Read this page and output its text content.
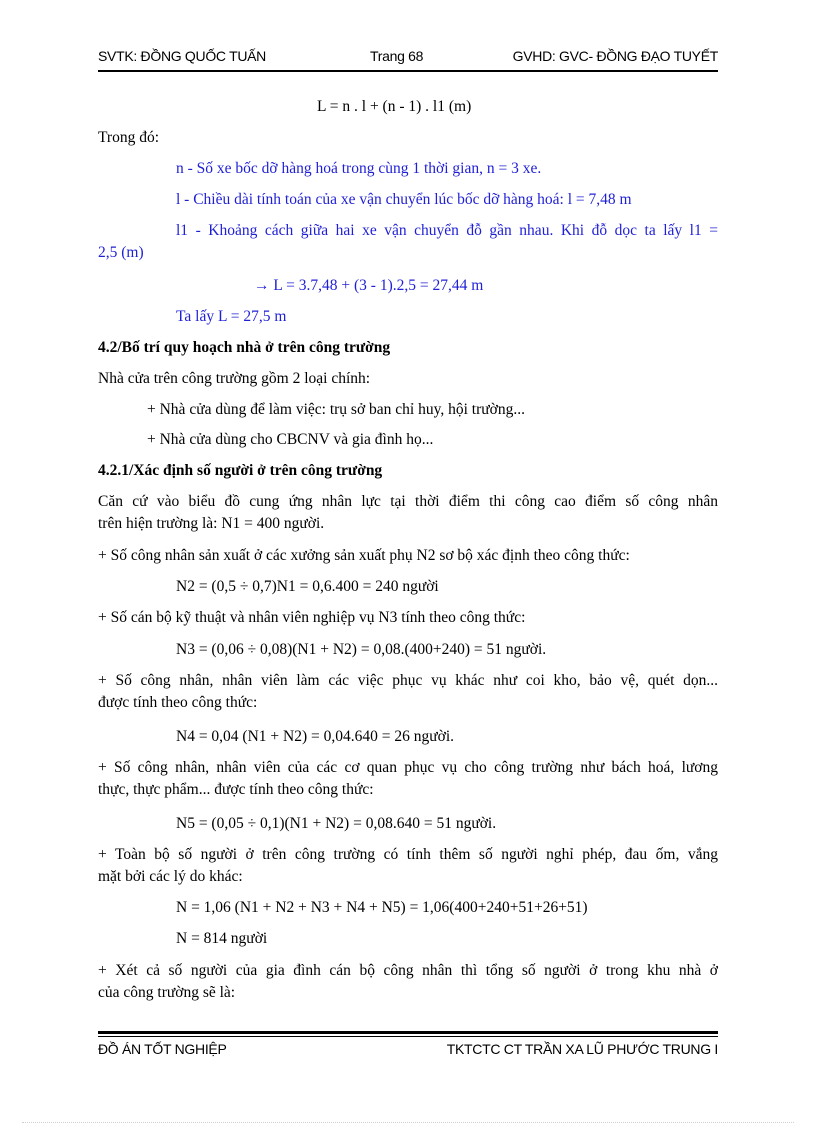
SVTK: ĐỒNG QUỐC TUẤN	Trang 68	GVHD: GVC- ĐỒNG ĐẠO TUYẾT
L = n . l + (n - 1) . l1 (m)
Trong đó:
n - Số xe bốc dỡ hàng hoá trong cùng 1 thời gian, n = 3 xe.
l - Chiều dài tính toán của xe vận chuyển lúc bốc dỡ hàng hoá: l = 7,48 m
l1 - Khoảng cách giữa hai xe vận chuyển đỗ gần nhau. Khi đỗ dọc ta lấy l1 =
2,5 (m)
→ L = 3.7,48 + (3 - 1).2,5 = 27,44 m
Ta lấy L = 27,5 m
4.2/Bố trí quy hoạch nhà ở trên công trường
Nhà cửa trên công trường gồm 2 loại chính:
+ Nhà cửa dùng để làm việc: trụ sở ban chỉ huy, hội trường...
+ Nhà cửa dùng cho CBCNV và gia đình họ...
4.2.1/Xác định số người ở trên công trường
Căn cứ vào biểu đồ cung ứng nhân lực tại thời điểm thi công cao điểm số công nhân
trên hiện trường là: N1 = 400 người.
+ Số công nhân sản xuất ở các xưởng sản xuất phụ N2 sơ bộ xác định theo công thức:
N2 = (0,5 ÷ 0,7)N1 = 0,6.400 = 240 người
+ Số cán bộ kỹ thuật và nhân viên nghiệp vụ N3 tính theo công thức:
N3 = (0,06 ÷ 0,08)(N1 + N2) = 0,08.(400+240) = 51 người.
+ Số công nhân, nhân viên làm các việc phục vụ khác như coi kho, bảo vệ, quét dọn...
được tính theo công thức:
N4 = 0,04 (N1 + N2) = 0,04.640 = 26 người.
+ Số công nhân, nhân viên của các cơ quan phục vụ cho công trường như bách hoá, lương
thực, thực phẩm... được tính theo công thức:
N5 = (0,05 ÷ 0,1)(N1 + N2) = 0,08.640 = 51 người.
+ Toàn bộ số người ở trên công trường có tính thêm số người nghỉ phép, đau ốm, vắng
mặt bởi các lý do khác:
N = 1,06 (N1 + N2 + N3 + N4 + N5) = 1,06(400+240+51+26+51)
N = 814 người
+ Xét cả số người của gia đình cán bộ công nhân thì tổng số người ở trong khu nhà ở
của công trường sẽ là:
ĐỒ ÁN TỐT NGHIỆP	TKTCTC CT TRẦN XA LŨ PHƯỚC TRUNG I
